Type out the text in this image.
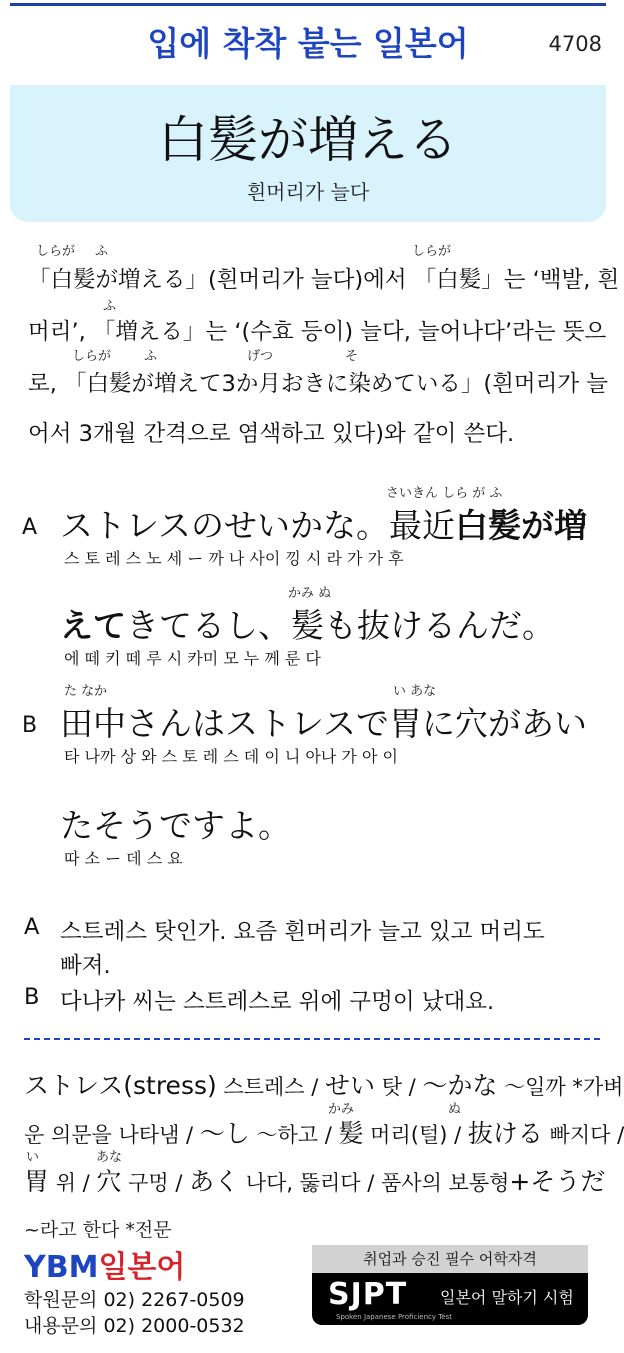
입에 착착 붙는 일본어	4708
白髪が増える
흰머리가 늘다
しらが ふ	しらが
ふ
しらが	ふ	げつ	そ
「白髪が増える」(흰머리가 늘다)에서 「白髪」는 ‘백발, 흰
머리’, 「増える」는 ‘(수효 등이) 늘다, 늘어나다’라는 뜻으
로, 「白髪が増えて3か月おきに染めている」(흰머리가 늘
어서 3개월 간격으로 염색하고 있다)와 같이 쓴다.
A
さいきん しら が ふ
ストレスのせいかな。最近白髪が増
스 토 레 스 노 세 ー 까 나 사이 낑 시 라 가 가 후
かみ ぬ
えてきてるし、髪も抜けるんだ。
에 떼 키 떼 루 시 카미 모 누 께 룬 다
B
た なか	い あな
田中さんはストレスで胃に穴があい
타 나까 상 와 스 토 레 스 데 이 니 아나 가 아 이
たそうですよ。
따 소 ー 데 스 요
A 스트레스 탓인가. 요즘 흰머리가 늘고 있고 머리도
빠져.
B 다나카 씨는 스트레스로 위에 구멍이 났대요.
ストレス(stress) 스트레스 / せい 탓 / 〜かな 〜일까 *가벼
かみ	ぬ
운 의문을 나타냄 / 〜し 〜하고 / 髪 머리(털) / 抜ける 빠지다 /
い	あな
胃 위 / 穴 구멍 / あく 나다, 뚫리다 / 품사의 보통형+そうだ
~라고 한다 *전문
YBM일본어
학원문의 02) 2267-0509
내용문의 02) 2000-0532
취업과 승진 필수 어학자격
SJPT 일본어 말하기 시험
Spoken Japanese Proficiency Test
